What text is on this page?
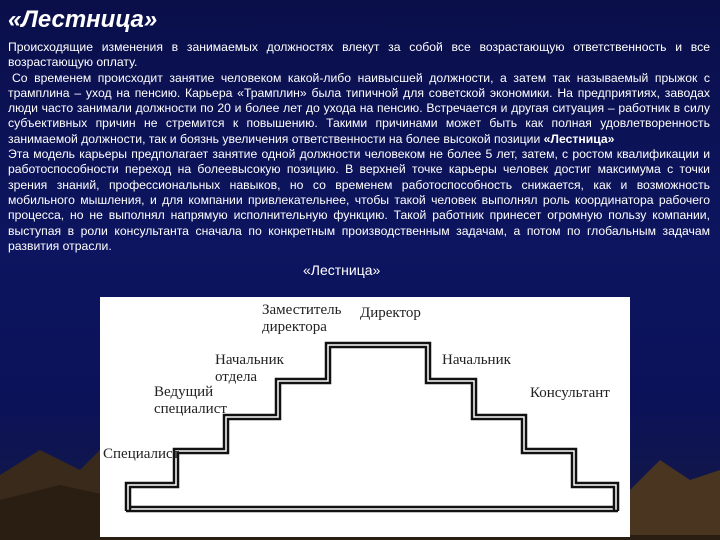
«Лестница»

Происходящие изменения в занимаемых должностях влекут за собой все возрастающую ответственность и все возрастающую оплату.

Со временем происходит занятие человеком какой-либо наивысшей должности, а затем так называемый прыжок с трамплина – уход на пенсию. Карьера «Трамплин» была типичной для советской экономики. На предприятиях, заводах люди часто занимали должности по 20 и более лет до ухода на пенсию. Встречается и другая ситуация – работник в силу субъективных причин не стремится к повышению. Такими причинами может быть как полная удовлетворенность занимаемой должности, так и боязнь увеличения ответственности на более высокой позиции «Лестница»

Эта модель карьеры предполагает занятие одной должности человеком не более 5 лет, затем, с ростом квалификации и работоспособности переход на болеевысокую позицию. В верхней точке карьеры человек достиг максимума с точки зрения знаний, профессиональных навыков, но со временем работоспособность снижается, как и возможность мобильного мышления, и для компании привлекательнее, чтобы такой человек выполнял роль координатора рабочего процесса, но не выполнял напрямую исполнительную функцию. Такой работник принесет огромную пользу компании, выступая в роли консультанта сначала по конкретным производственным задачам, а потом по глобальным задачам развития отрасли.

«Лестница»
Специалист
Ведущий специалист
Начальник отдела
Заместитель директора
Директор
Начальник
Консультант
